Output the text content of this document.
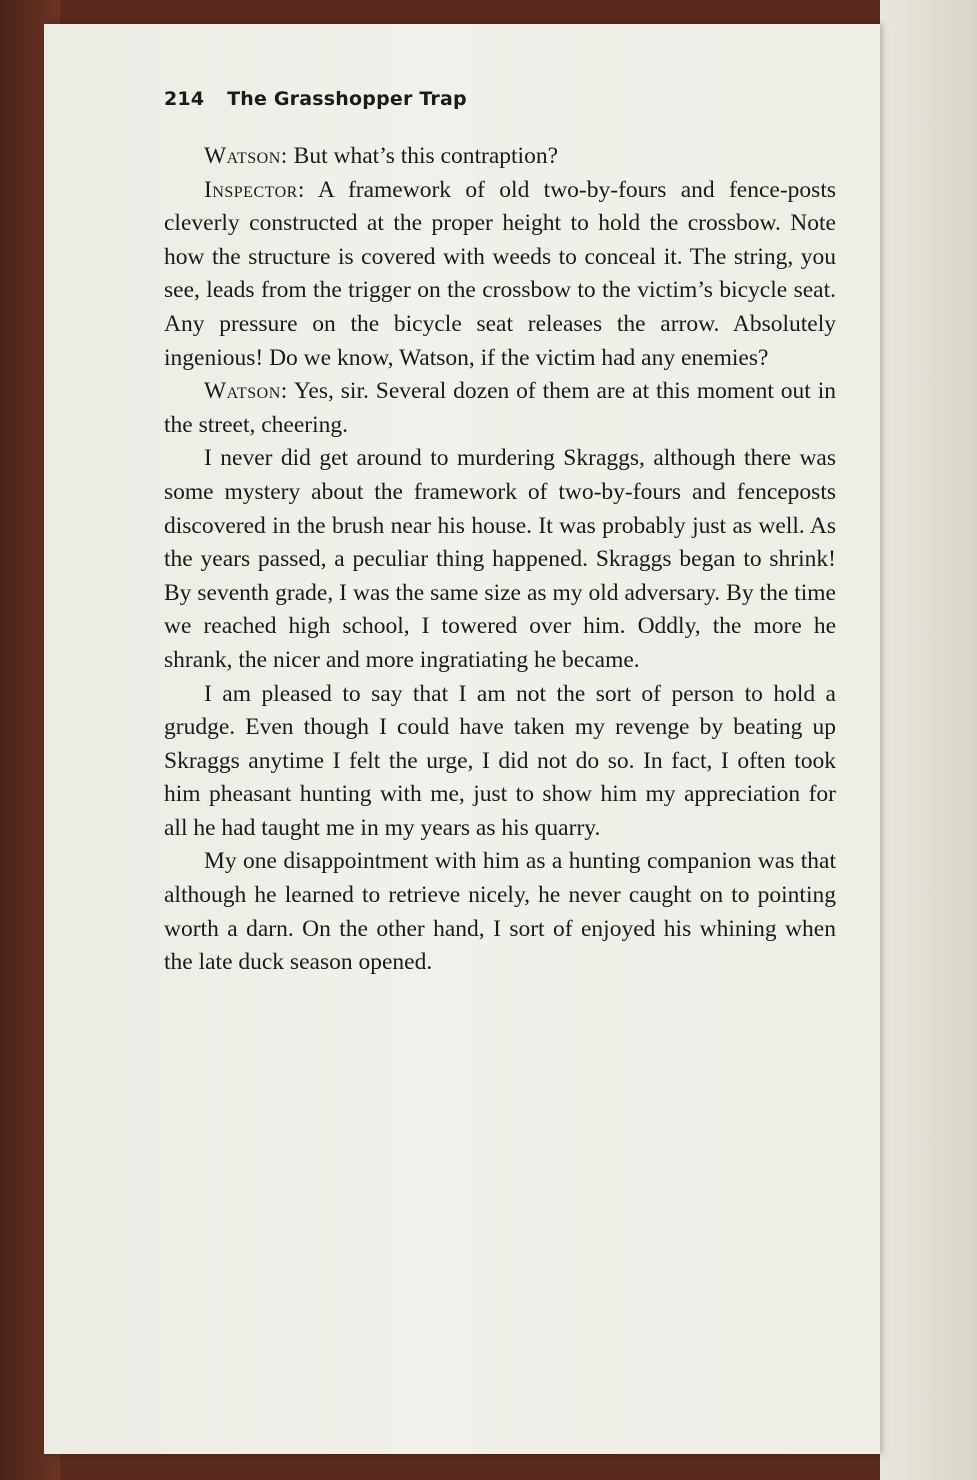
214 The Grasshopper Trap

Watson: But what’s this contraption?

Inspector: A framework of old two-by-fours and fence-posts cleverly constructed at the proper height to hold the crossbow. Note how the structure is covered with weeds to conceal it. The string, you see, leads from the trigger on the crossbow to the victim’s bicycle seat. Any pressure on the bicycle seat releases the arrow. Absolutely ingenious! Do we know, Watson, if the victim had any enemies?

Watson: Yes, sir. Several dozen of them are at this moment out in the street, cheering.

I never did get around to murdering Skraggs, although there was some mystery about the framework of two-by-fours and fenceposts discovered in the brush near his house. It was probably just as well. As the years passed, a peculiar thing happened. Skraggs began to shrink! By seventh grade, I was the same size as my old adversary. By the time we reached high school, I towered over him. Oddly, the more he shrank, the nicer and more ingratiating he became.

I am pleased to say that I am not the sort of person to hold a grudge. Even though I could have taken my revenge by beating up Skraggs anytime I felt the urge, I did not do so. In fact, I often took him pheasant hunting with me, just to show him my appreciation for all he had taught me in my years as his quarry.

My one disappointment with him as a hunting companion was that although he learned to retrieve nicely, he never caught on to pointing worth a darn. On the other hand, I sort of enjoyed his whining when the late duck season opened.
